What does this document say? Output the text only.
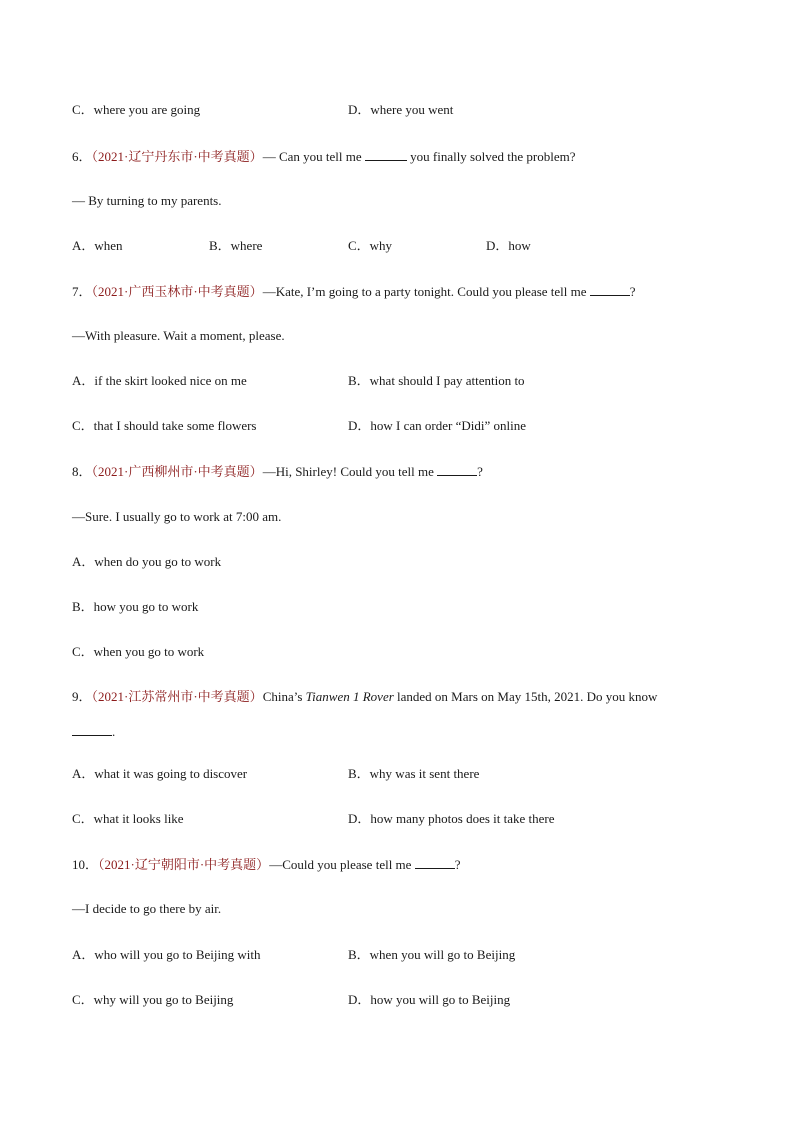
C．where you are going	D．where you went
6．（2021·辽宁丹东市·中考真题）— Can you tell me	you finally solved the problem?
— By turning to my parents.
A．when	B．where	C．why	D．how
7．（2021·广西玉林市·中考真题）—Kate, I’m going to a party tonight. Could you please tell me	?
—With pleasure. Wait a moment, please.
A．if the skirt looked nice on me	B．what should I pay attention to
C．that I should take some flowers	D．how I can order “Didi” online
8．（2021·广西柳州市·中考真题）—Hi, Shirley! Could you tell me	?
—Sure. I usually go to work at 7:00 am.
A．when do you go to work
B．how you go to work
C．when you go to work
9．（2021·江苏常州市·中考真题）China’s Tianwen 1 Rover landed on Mars on May 15th, 2021. Do you know
.
A．what it was going to discover	B．why was it sent there
C．what it looks like	D．how many photos does it take there
10．（2021·辽宁朝阳市·中考真题）—Could you please tell me	?
—I decide to go there by air.
A．who will you go to Beijing with	B．when you will go to Beijing
C．why will you go to Beijing	D．how you will go to Beijing
